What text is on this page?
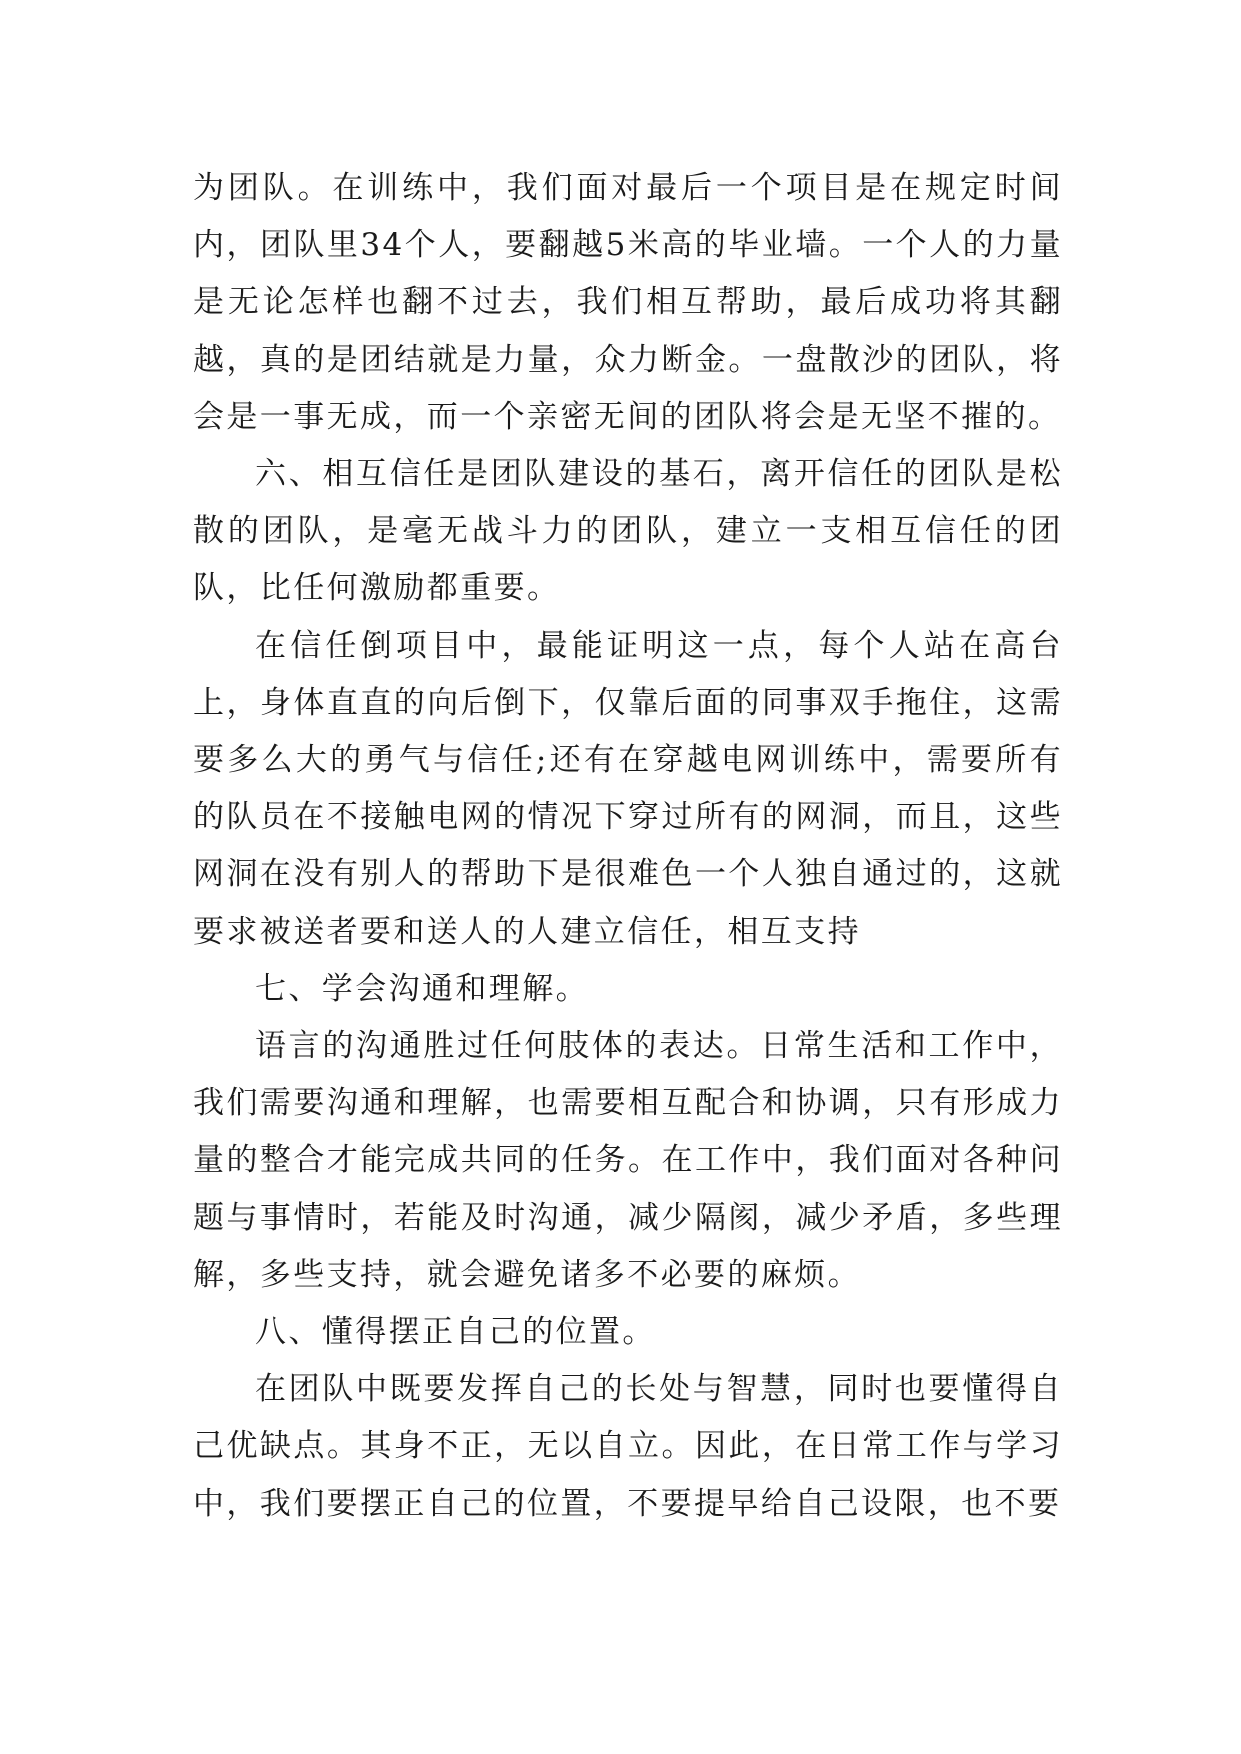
为团队。在训练中，我们面对最后一个项目是在规定时间内，团队里34个人，要翻越5米高的毕业墙。一个人的力量是无论怎样也翻不过去，我们相互帮助，最后成功将其翻越，真的是团结就是力量，众力断金。一盘散沙的团队，将会是一事无成，而一个亲密无间的团队将会是无坚不摧的。

六、相互信任是团队建设的基石，离开信任的团队是松散的团队，是毫无战斗力的团队，建立一支相互信任的团队，比任何激励都重要。

在信任倒项目中，最能证明这一点，每个人站在高台上，身体直直的向后倒下，仅靠后面的同事双手拖住，这需要多么大的勇气与信任;还有在穿越电网训练中，需要所有的队员在不接触电网的情况下穿过所有的网洞，而且，这些网洞在没有别人的帮助下是很难色一个人独自通过的，这就要求被送者要和送人的人建立信任，相互支持

七、学会沟通和理解。

语言的沟通胜过任何肢体的表达。日常生活和工作中，我们需要沟通和理解，也需要相互配合和协调，只有形成力量的整合才能完成共同的任务。在工作中，我们面对各种问题与事情时，若能及时沟通，减少隔阂，减少矛盾，多些理解，多些支持，就会避免诸多不必要的麻烦。

八、懂得摆正自己的位置。

在团队中既要发挥自己的长处与智慧，同时也要懂得自己优缺点。其身不正，无以自立。因此，在日常工作与学习中，我们要摆正自己的位置，不要提早给自己设限，也不要
